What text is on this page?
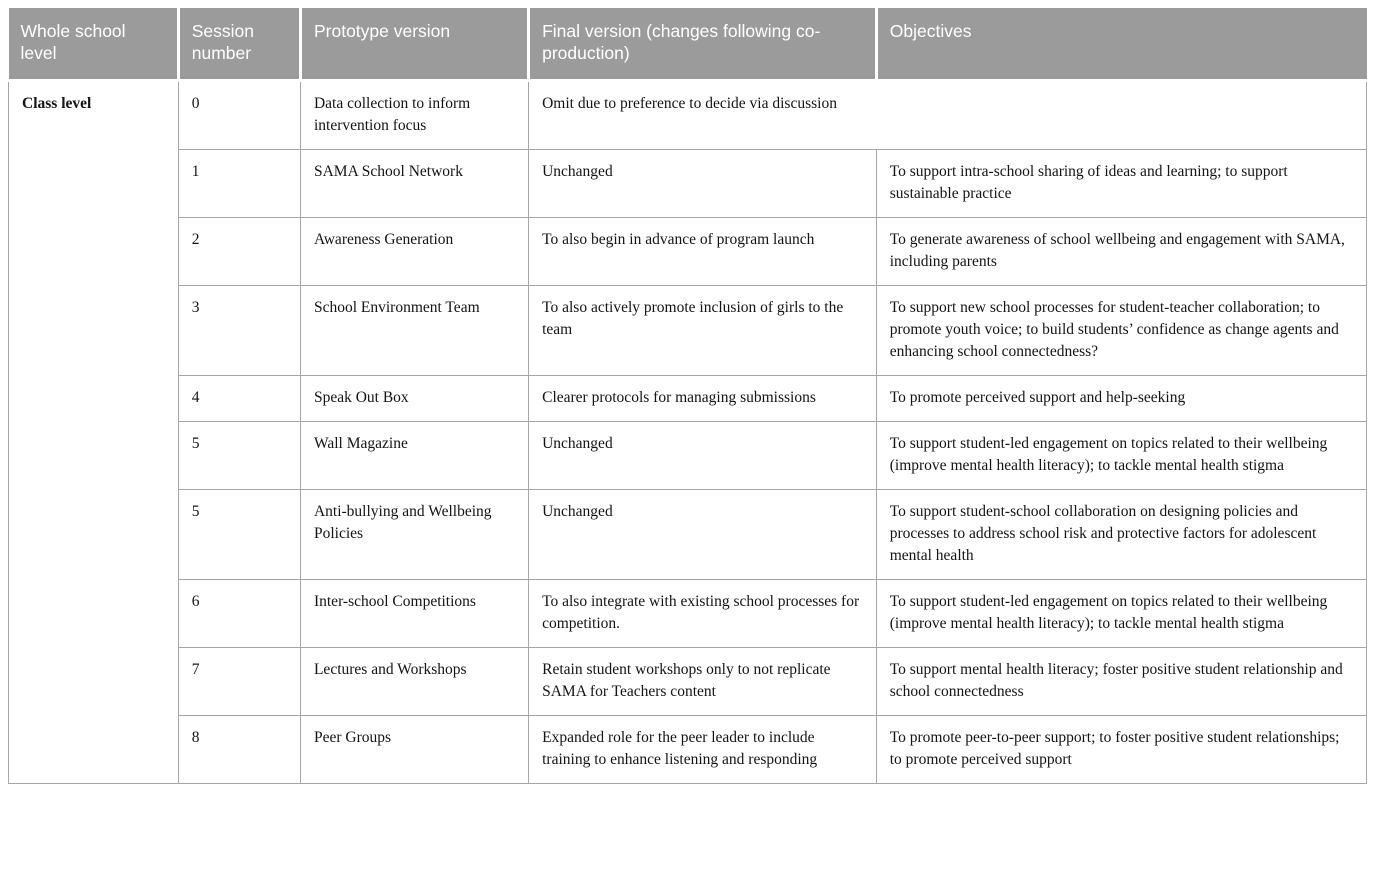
Whole school level	Session number	Prototype version	Final version (changes following co-production)	Objectives
Class level	0	Data collection to inform intervention focus	Omit due to preference to decide via discussion	
	1	SAMA School Network	Unchanged	To support intra-school sharing of ideas and learning; to support sustainable practice
	2	Awareness Generation	To also begin in advance of program launch	To generate awareness of school wellbeing and engagement with SAMA, including parents
	3	School Environment Team	To also actively promote inclusion of girls to the team	To support new school processes for student-teacher collaboration; to promote youth voice; to build students’ confidence as change agents and enhancing school connectedness?
	4	Speak Out Box	Clearer protocols for managing submissions	To promote perceived support and help-seeking
	5	Wall Magazine	Unchanged	To support student-led engagement on topics related to their wellbeing (improve mental health literacy); to tackle mental health stigma
	5	Anti-bullying and Wellbeing Policies	Unchanged	To support student-school collaboration on designing policies and processes to address school risk and protective factors for adolescent mental health
	6	Inter-school Competitions	To also integrate with existing school processes for competition.	To support student-led engagement on topics related to their wellbeing (improve mental health literacy); to tackle mental health stigma
	7	Lectures and Workshops	Retain student workshops only to not replicate SAMA for Teachers content	To support mental health literacy; foster positive student relationship and school connectedness
	8	Peer Groups	Expanded role for the peer leader to include training to enhance listening and responding	To promote peer-to-peer support; to foster positive student relationships; to promote perceived support
